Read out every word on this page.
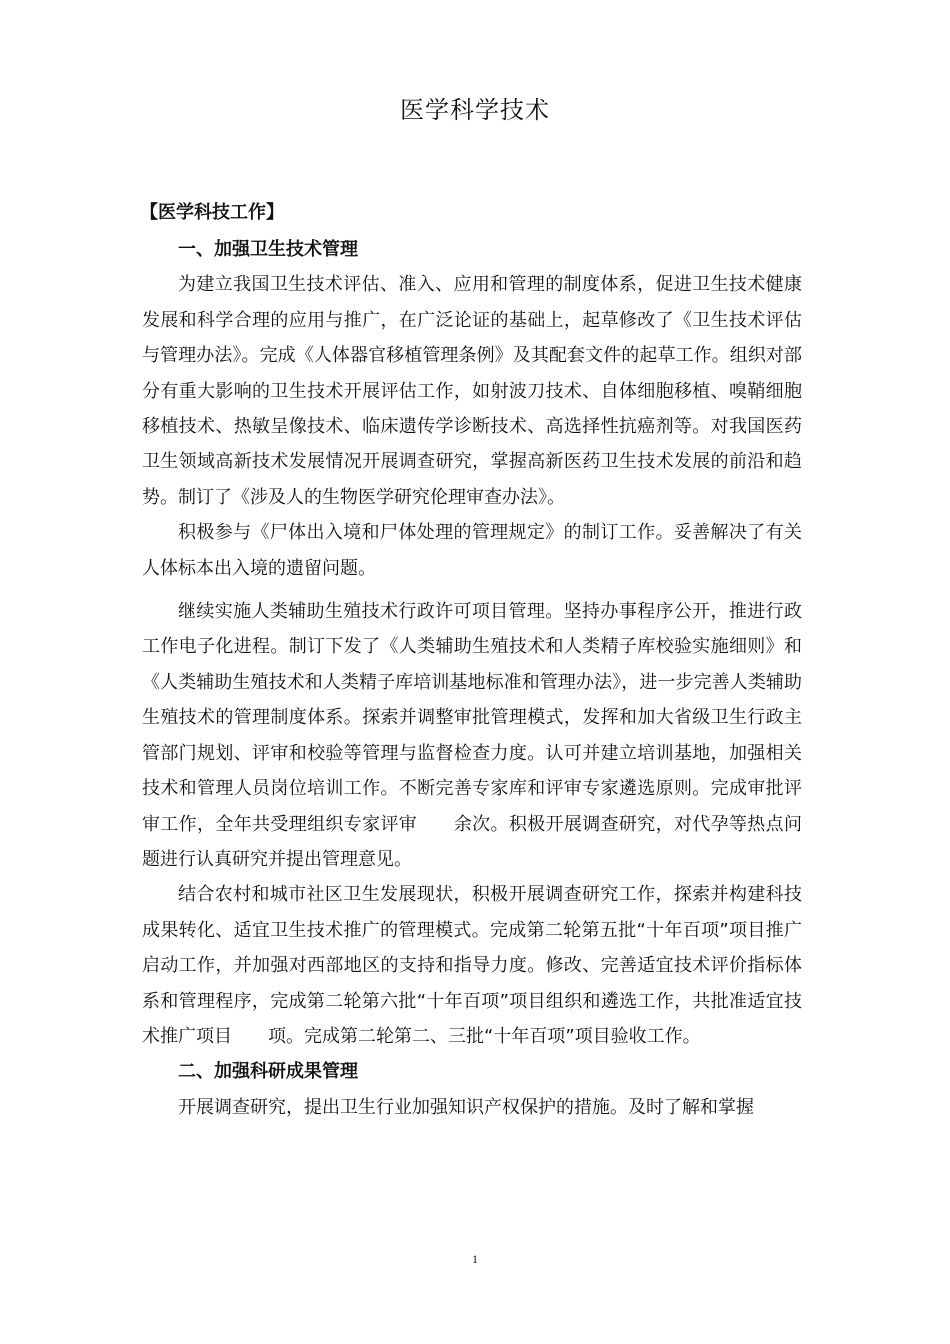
医学科学技术
【医学科技工作】

一、加强卫生技术管理

为建立我国卫生技术评估、准入、应用和管理的制度体系，促进卫生技术健康发展和科学合理的应用与推广，在广泛论证的基础上，起草修改了《卫生技术评估与管理办法》。完成《人体器官移植管理条例》及其配套文件的起草工作。组织对部分有重大影响的卫生技术开展评估工作，如射波刀技术、自体细胞移植、嗅鞘细胞移植技术、热敏呈像技术、临床遗传学诊断技术、高选择性抗癌剂等。对我国医药卫生领域高新技术发展情况开展调查研究，掌握高新医药卫生技术发展的前沿和趋势。制订了《涉及人的生物医学研究伦理审查办法》。

积极参与《尸体出入境和尸体处理的管理规定》的制订工作。妥善解决了有关人体标本出入境的遗留问题。

继续实施人类辅助生殖技术行政许可项目管理。坚持办事程序公开，推进行政工作电子化进程。制订下发了《人类辅助生殖技术和人类精子库校验实施细则》和《人类辅助生殖技术和人类精子库培训基地标准和管理办法》，进一步完善人类辅助生殖技术的管理制度体系。探索并调整审批管理模式，发挥和加大省级卫生行政主管部门规划、评审和校验等管理与监督检查力度。认可并建立培训基地，加强相关技术和管理人员岗位培训工作。不断完善专家库和评审专家遴选原则。完成审批评审工作，全年共受理组织专家评审　　余次。积极开展调查研究，对代孕等热点问题进行认真研究并提出管理意见。

结合农村和城市社区卫生发展现状，积极开展调查研究工作，探索并构建科技成果转化、适宜卫生技术推广的管理模式。完成第二轮第五批“十年百项”项目推广启动工作，并加强对西部地区的支持和指导力度。修改、完善适宜技术评价指标体系和管理程序，完成第二轮第六批“十年百项”项目组织和遴选工作，共批准适宜技术推广项目　　项。完成第二轮第二、三批“十年百项”项目验收工作。

二、加强科研成果管理

开展调查研究，提出卫生行业加强知识产权保护的措施。及时了解和掌握

1
